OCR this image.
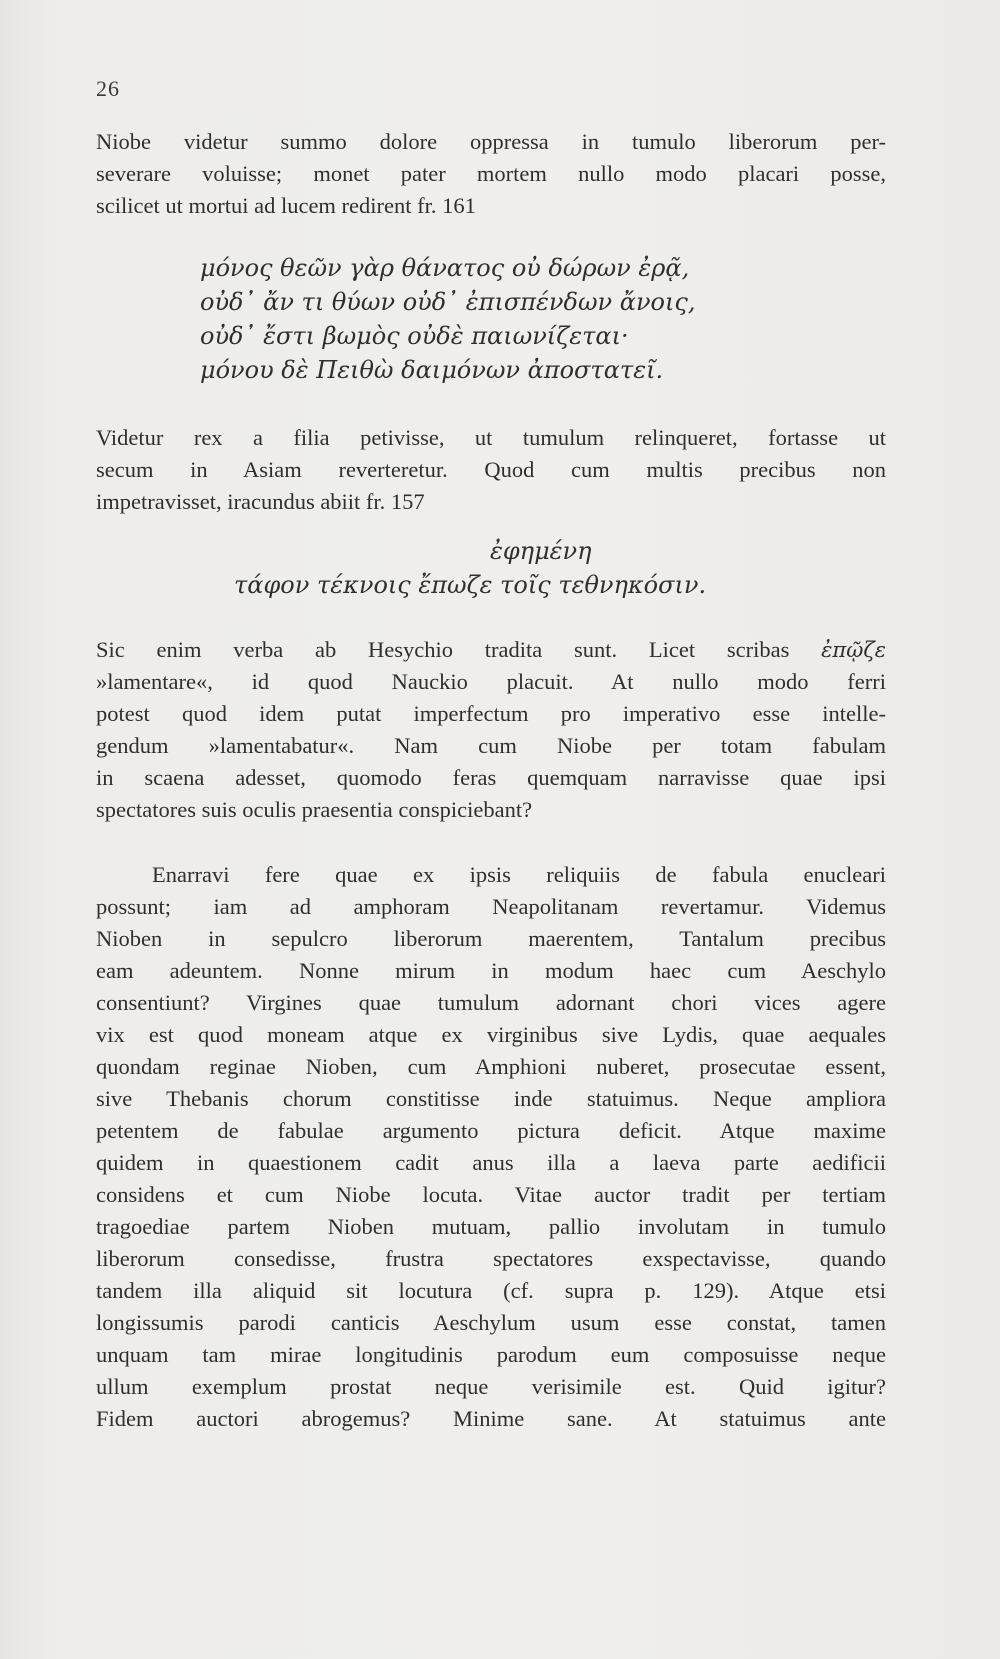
26
Niobe videtur summo dolore oppressa in tumulo liberorum per-
severare voluisse; monet pater mortem nullo modo placari posse,
scilicet ut mortui ad lucem redirent fr. 161
μόνος θεῶν γὰρ θάνατος οὐ δώρων ἐρᾷ,
οὐδ᾽ ἄν τι θύων οὐδ᾽ ἐπισπένδων ἄνοις,
οὐδ᾽ ἔστι βωμὸς οὐδὲ παιωνίζεται·
μόνου δὲ Πειθὼ δαιμόνων ἀποστατεῖ.
Videtur rex a filia petivisse, ut tumulum relinqueret, fortasse ut
secum in Asiam reverteretur. Quod cum multis precibus non
impetravisset, iracundus abiit fr. 157
ἐφημένη
τάφον τέκνοις ἔπωζε τοῖς τεθνηκόσιν.
Sic enim verba ab Hesychio tradita sunt. Licet scribas ἐπῷζε
»lamentare«, id quod Nauckio placuit. At nullo modo ferri
potest quod idem putat imperfectum pro imperativo esse intelle-
gendum »lamentabatur«. Nam cum Niobe per totam fabulam
in scaena adesset, quomodo feras quemquam narravisse quae ipsi
spectatores suis oculis praesentia conspiciebant?
Enarravi fere quae ex ipsis reliquiis de fabula enucleari
possunt; iam ad amphoram Neapolitanam revertamur. Videmus
Nioben in sepulcro liberorum maerentem, Tantalum precibus
eam adeuntem. Nonne mirum in modum haec cum Aeschylo
consentiunt? Virgines quae tumulum adornant chori vices agere
vix est quod moneam atque ex virginibus sive Lydis, quae aequales
quondam reginae Nioben, cum Amphioni nuberet, prosecutae essent,
sive Thebanis chorum constitisse inde statuimus. Neque ampliora
petentem de fabulae argumento pictura deficit. Atque maxime
quidem in quaestionem cadit anus illa a laeva parte aedificii
considens et cum Niobe locuta. Vitae auctor tradit per tertiam
tragoediae partem Nioben mutuam, pallio involutam in tumulo
liberorum consedisse, frustra spectatores exspectavisse, quando
tandem illa aliquid sit locutura (cf. supra p. 129). Atque etsi
longissumis parodi canticis Aeschylum usum esse constat, tamen
unquam tam mirae longitudinis parodum eum composuisse neque
ullum exemplum prostat neque verisimile est. Quid igitur?
Fidem auctori abrogemus? Minime sane. At statuimus ante
